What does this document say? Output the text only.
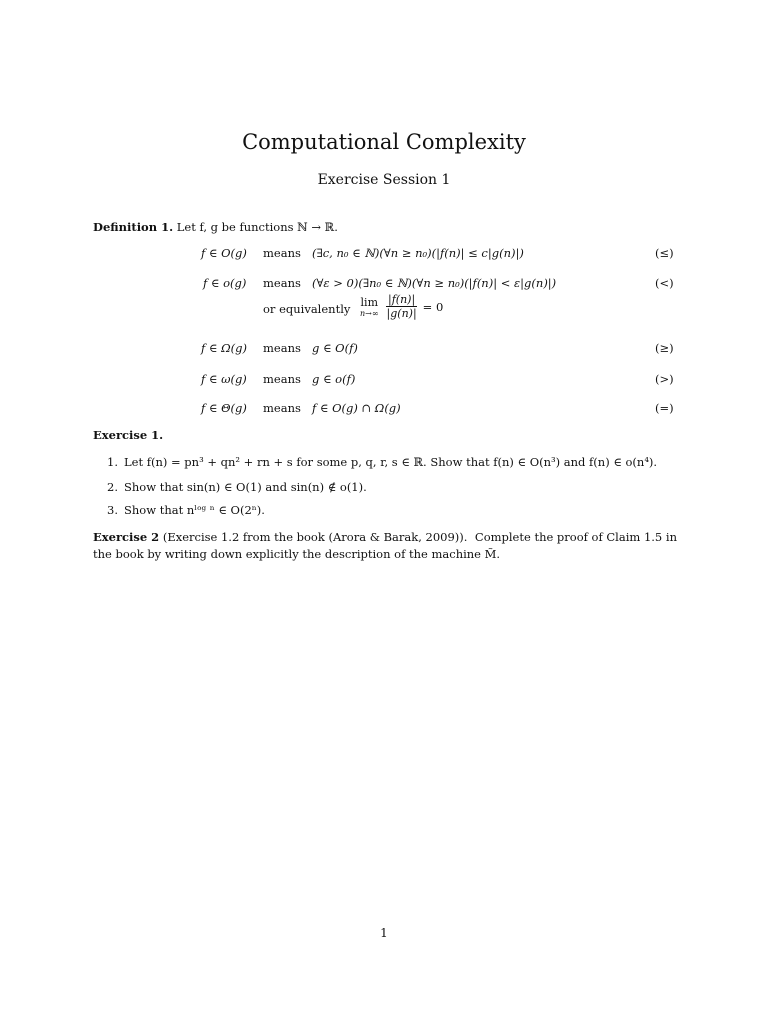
Computational Complexity
Exercise Session 1
Definition 1. Let f, g be functions ℕ → ℝ.
f ∈ O(g) means (∃c, n₀ ∈ ℕ)(∀n ≥ n₀)(|f(n)| ≤ c|g(n)|)	(≤)
f ∈ o(g) means (∀ε > 0)(∃n₀ ∈ ℕ)(∀n ≥ n₀)(|f(n)| < ε|g(n)|)	(<)
or equivalently lim
$n\to\infty \frac{|f(n)|}{|g(n)|} = 0$
f ∈ Ω(g) means g ∈ O(f)	(≥)
f ∈ ω(g) means g ∈ o(f)	(>)
f ∈ Θ(g) means f ∈ O(g) ∩ Ω(g)	(=)
Exercise 1.
1. Let f(n) = pn³ + qn² + rn + s for some p, q, r, s ∈ ℝ. Show that f(n) ∈ O(n³) and f(n) ∈ o(n⁴).
2. Show that sin(n) ∈ O(1) and sin(n) ∉ o(1).
3. Show that nˡᵒᵍ ⁿ ∈ O(2ⁿ).
Exercise 2 (Exercise 1.2 from the book (Arora & Barak, 2009)). Complete the proof of Claim 1.5 in
the book by writing down explicitly the description of the machine M̃.
1
